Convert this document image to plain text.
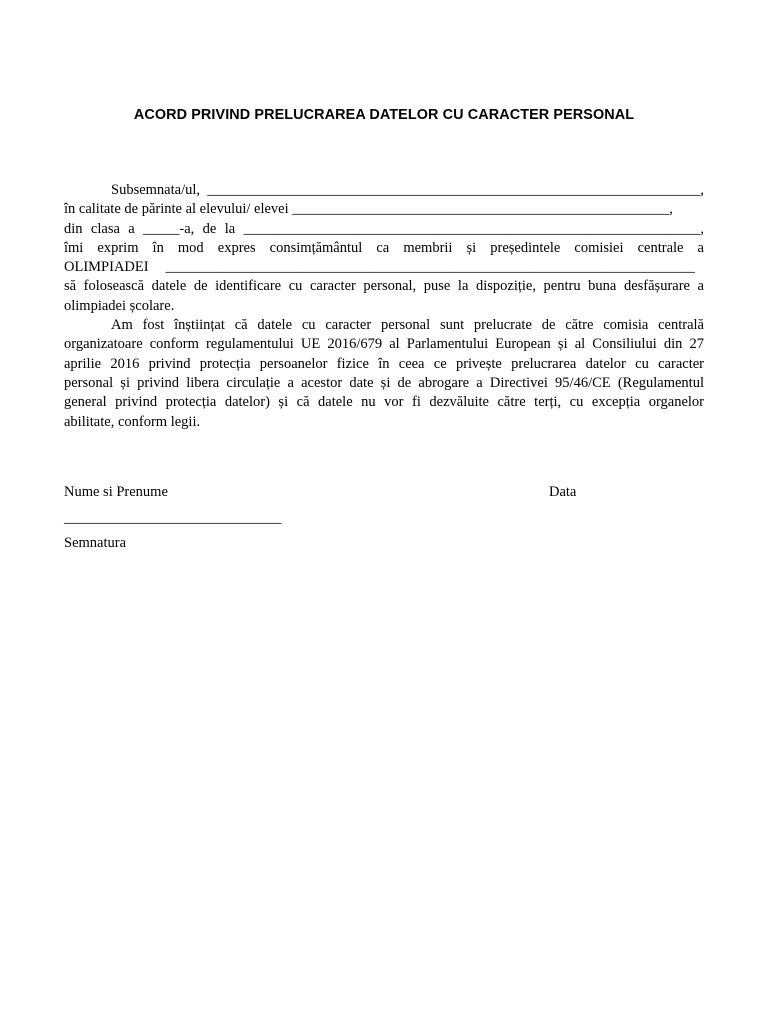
ACORD PRIVIND PRELUCRAREA DATELOR CU CARACTER PERSONAL
Subsemnata/ul, ____________________________________________________________________,
în calitate de părinte al elevului/ elevei ____________________________________________________,
din clasa a _____-a, de la _______________________________________________________________,
îmi exprim în mod expres consimțământul ca membrii și președintele comisiei centrale a
OLIMPIADEI _________________________________________________________________________
să folosească datele de identificare cu caracter personal, puse la dispoziție, pentru buna desfășurare a
olimpiadei școlare.
Am fost înștiințat că datele cu caracter personal sunt prelucrate de către comisia centrală
organizatoare conform regulamentului UE 2016/679 al Parlamentului European și al Consiliului din 27
aprilie 2016 privind protecția persoanelor fizice în ceea ce privește prelucrarea datelor cu caracter
personal și privind libera circulație a acestor date și de abrogare a Directivei 95/46/CE (Regulamentul
general privind protecția datelor) și că datele nu vor fi dezvăluite către terți, cu excepția organelor
abilitate, conform legii.
Nume si Prenume	Data
______________________________
Semnatura
